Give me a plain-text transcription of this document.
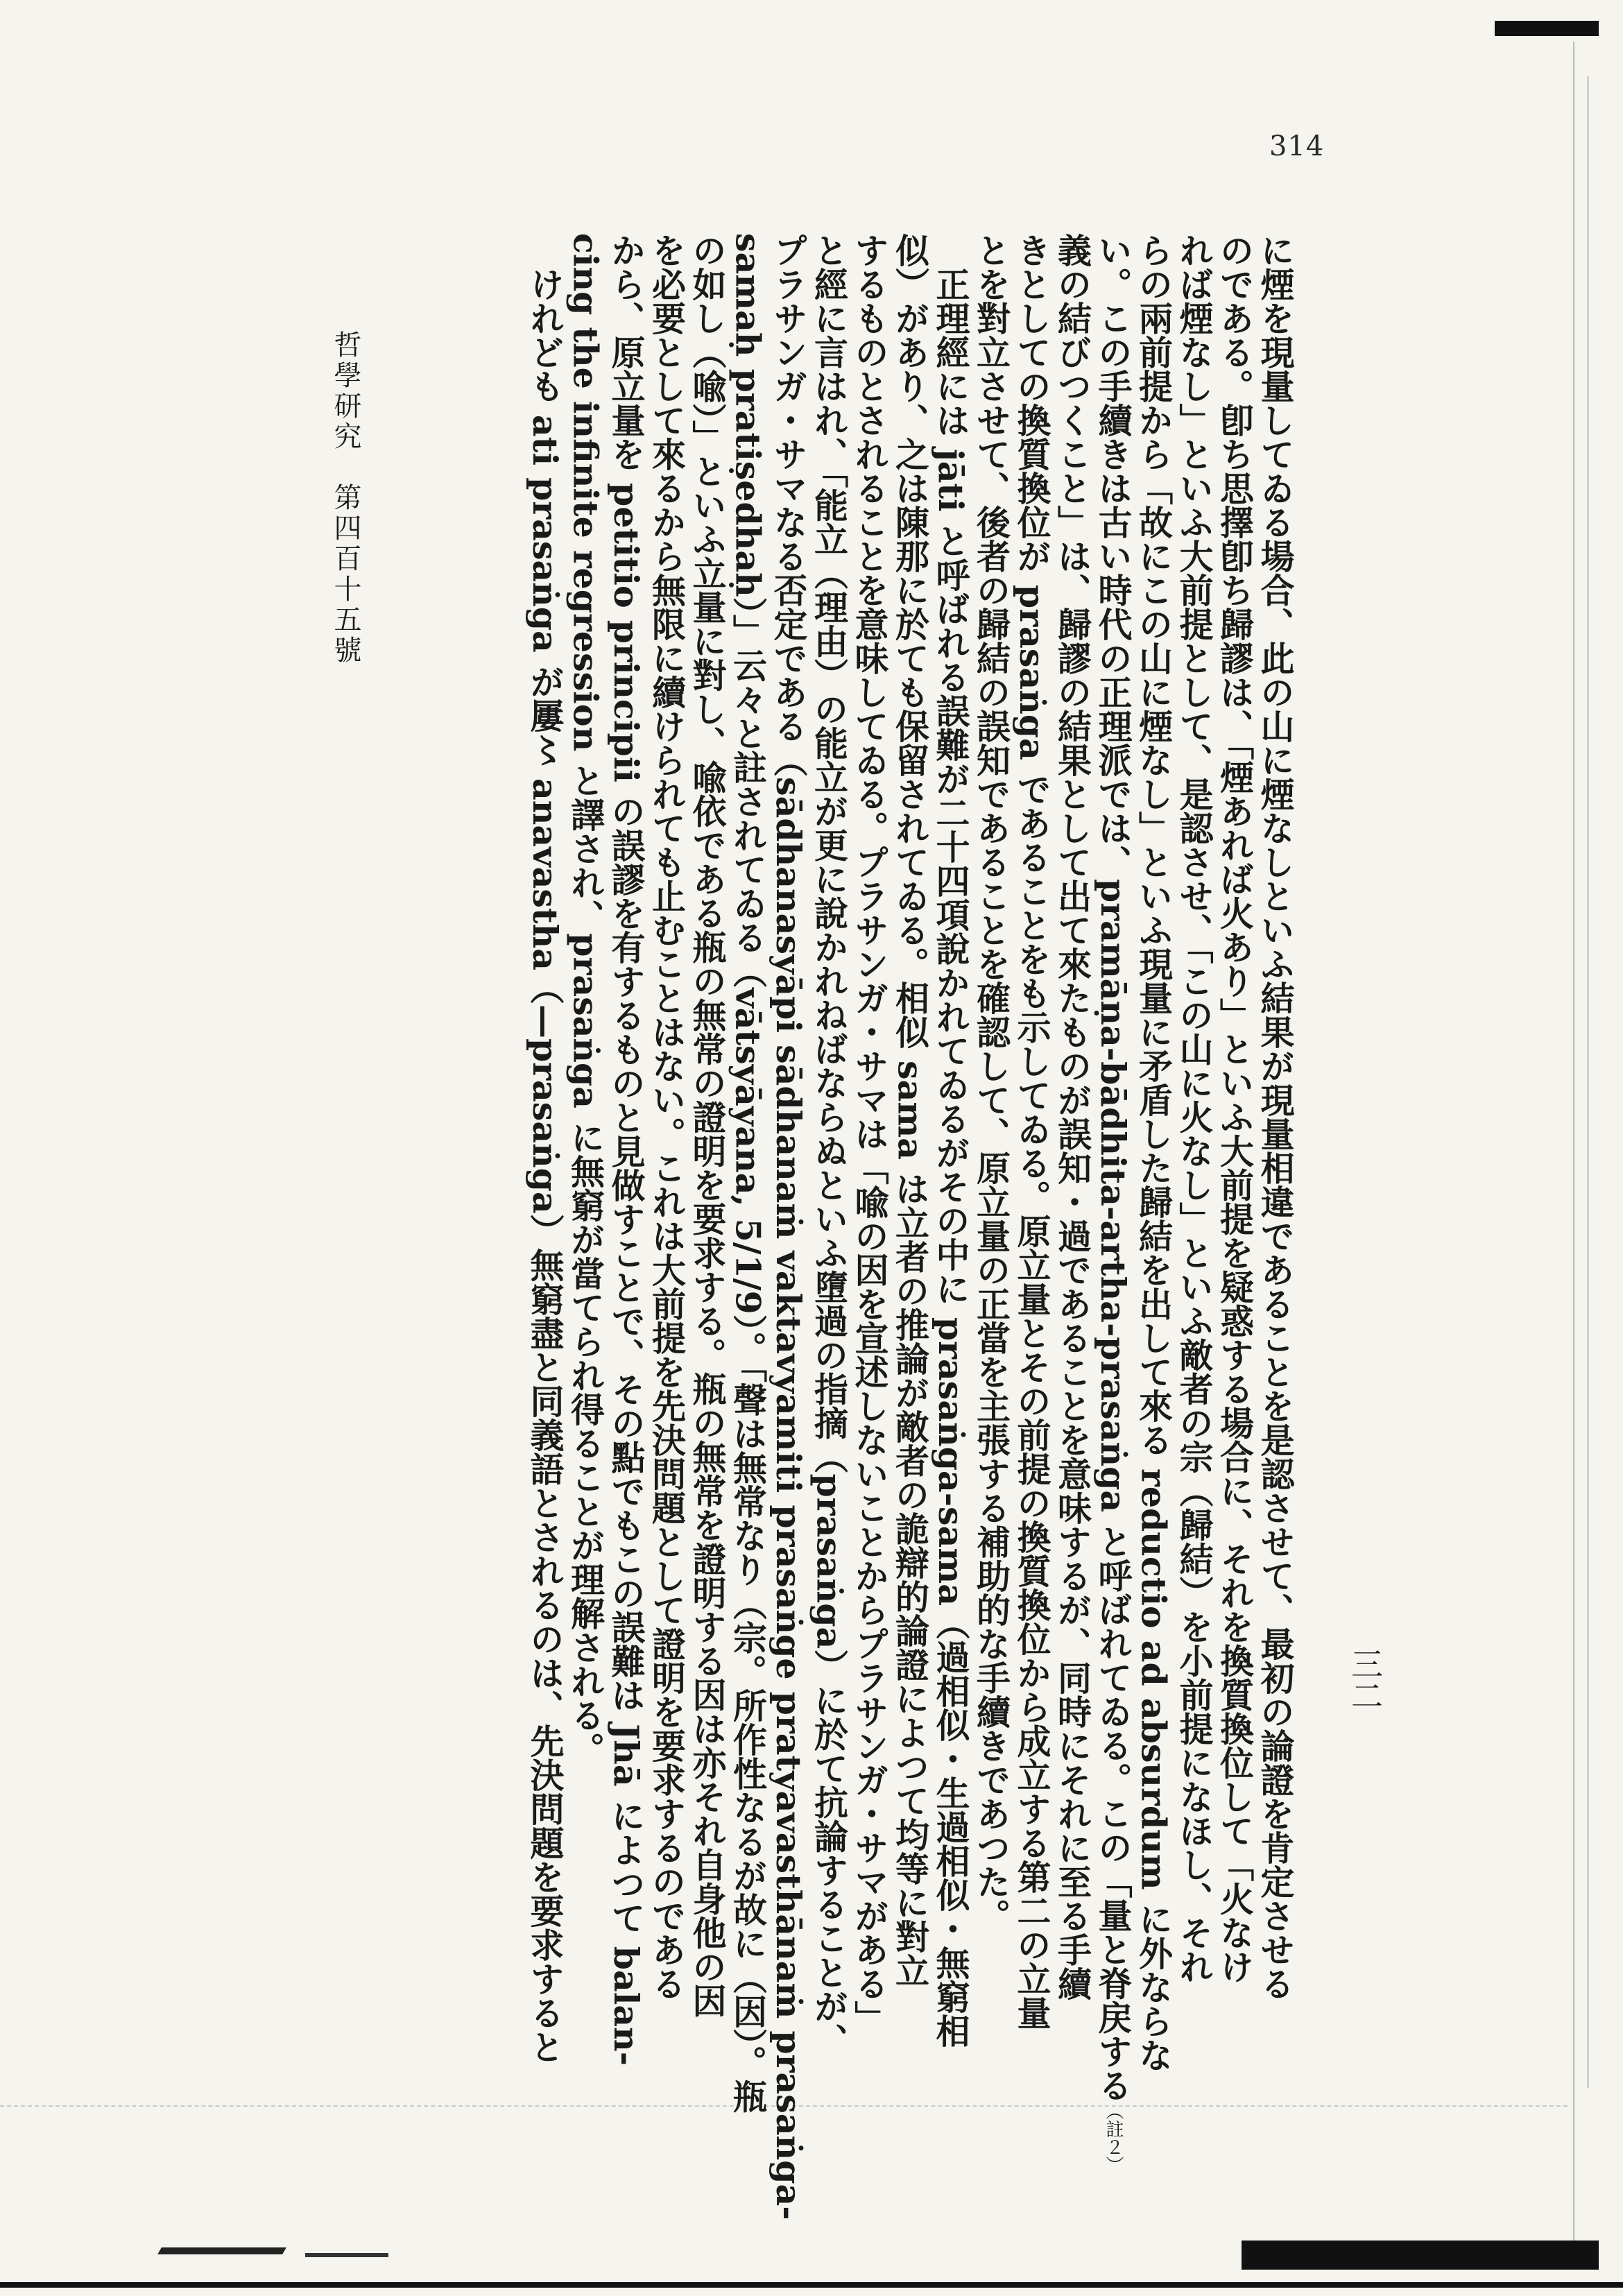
314
哲學研究　第四百十五號
三二
に煙を現量してゐる場合、此の山に煙なしといふ結果が現量相違であることを是認させて、最初の論證を肯定させる
のである。卽ち思擇卽ち歸謬は、「煙あれば火あり」といふ大前提を疑惑する場合に、それを換質換位して「火なけ
れば煙なし」といふ大前提として、是認させ、「この山に火なし」といふ敵者の宗（歸結）を小前提になほし、それ
らの兩前提から「故にこの山に煙なし」といふ現量に矛盾した歸結を出して來る reductio ad absurdum に外ならな
い。この手續きは古い時代の正理派では、pramāṇa-bādhita-artha-prasaṅga と呼ばれてゐる。この「量と脊戻する（註２）
義の結びつくこと」は、歸謬の結果として出て來たものが誤知・過であることを意味するが、同時にそれに至る手續
きとしての換質換位が prasaṅga であることをも示してゐる。原立量とその前提の換質換位から成立する第二の立量
とを對立させて、後者の歸結の誤知であることを確認して、原立量の正當を主張する補助的な手續きであつた。
　正理經には jāti と呼ばれる誤難が二十四項說かれてゐるがその中に prasaṅga-sama（過相似・生過相似・無窮相
似）があり、之は陳那に於ても保留されてゐる。相似 sama は立者の推論が敵者の詭辯的論證によつて均等に對立
するものとされることを意味してゐる。プラサンガ・サマは「喩の因を宣述しないことからプラサンガ・サマがある」
と經に言はれ、「能立（理由）の能立が更に說かれねばならぬといふ墮過の指摘（prasaṅga）に於て抗論することが、
プラサンガ・サマなる否定である（sādhanasyāpi sādhanaṁ vaktavyamiti prasaṅge pratyavasthānaṁ prasaṅga-
samaḥ pratiṣedhaḥ）」云々と註されてゐる（vātsyāyana, 5/1/9）。「聲は無常なり（宗。所作性なるが故に（因）。瓶
の如し（喩）」といふ立量に對し、喩依である瓶の無常の證明を要求する。瓶の無常を證明する因は亦それ自身他の因
を必要として來るから無限に續けられても止むことはない。これは大前提を先決問題として證明を要求するのである
から、原立量を petitio principii の誤謬を有するものと見做すことで、その點でもこの誤難は Jhā によつて balan-
cing the infinite regression と譯され、prasaṅga に無窮が當てられ得ることが理解される。
　けれども ati prasaṅga が屢〻 anavastha（—prasaṅga）無窮盡と同義語とされるのは、先決問題を要求すると
